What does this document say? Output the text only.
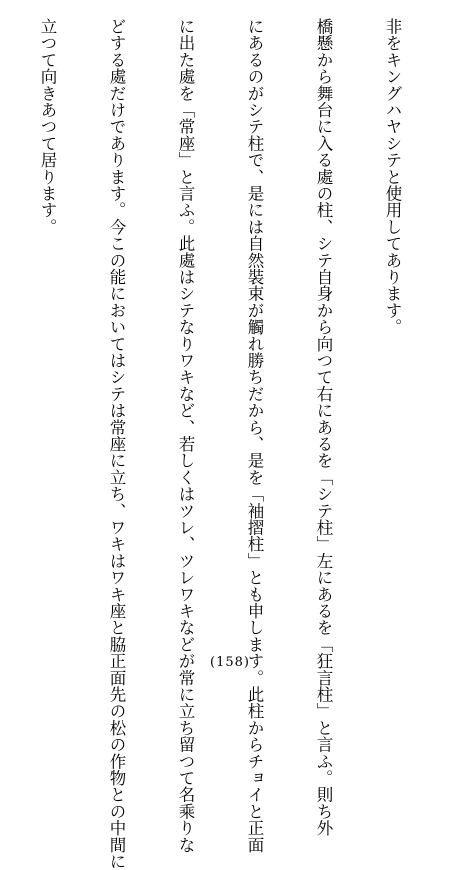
非をキングハヤシテと使用してあります。

橋懸から舞台に入る處の柱、シテ自身から向つて右にあるを「シテ柱」左にあるを「狂言柱」と言ふ。則ち外

にあるのがシテ柱で、是には自然裝束が觸れ勝ちだから、是を「袖摺柱」とも申します。此柱からチョイと正面

に出た處を「常座」と言ふ。此處はシテなりワキなど、若しくはツレ、ツレワキなどが常に立ち留つて名乘りな

どする處だけであります。今この能においてはシテは常座に立ち、ワキはワキ座と脇正面先の松の作物との中間に

立つて向きあつて居ります。

(158)
